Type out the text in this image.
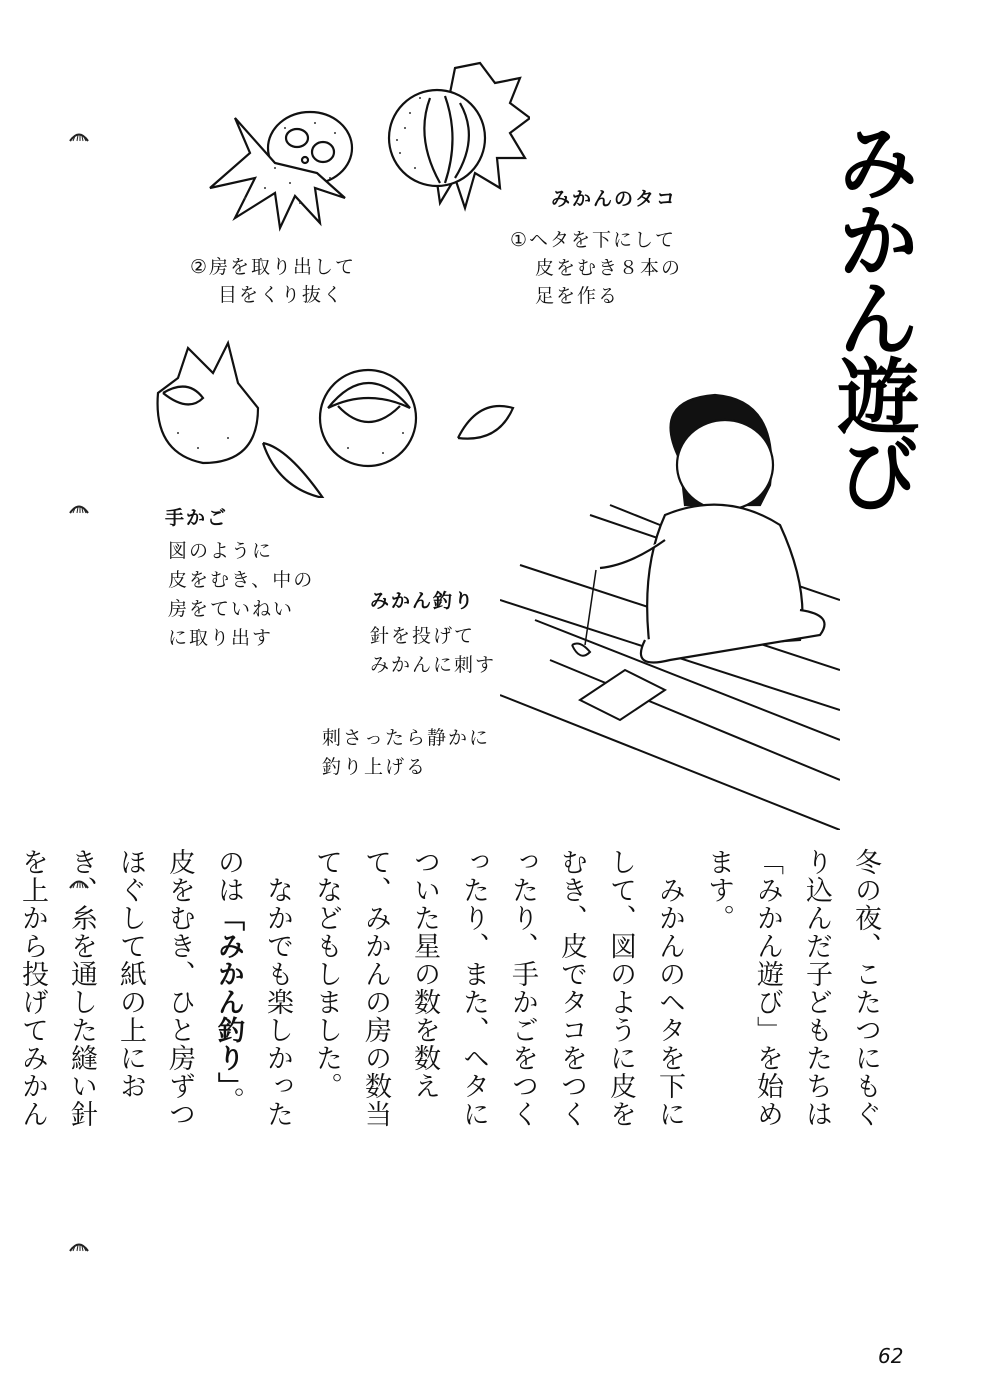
みかん遊び
みかんのタコ
①ヘタを下にして
皮をむき８本の
足を作る
②房を取り出して
目をくり抜く
手かご
図のように
皮をむき、中の
房をていねい
に取り出す
みかん釣り
針を投げて
みかんに刺す
刺さったら静かに
釣り上げる
冬の夜、こたつにもぐり込んだ子どもたちは「みかん遊び」を始めます。
　みかんのヘタを下にして、図のように皮をむき、皮でタコをつくったり、手かごをつくったり、また、ヘタについた星の数を数えて、みかんの房の数当てなどもしました。
　なかでも楽しかったのは「みかん釣り」。皮をむき、ひと房ずつほぐして紙の上におき、糸を通した縫い針を上から投げてみかん
62
